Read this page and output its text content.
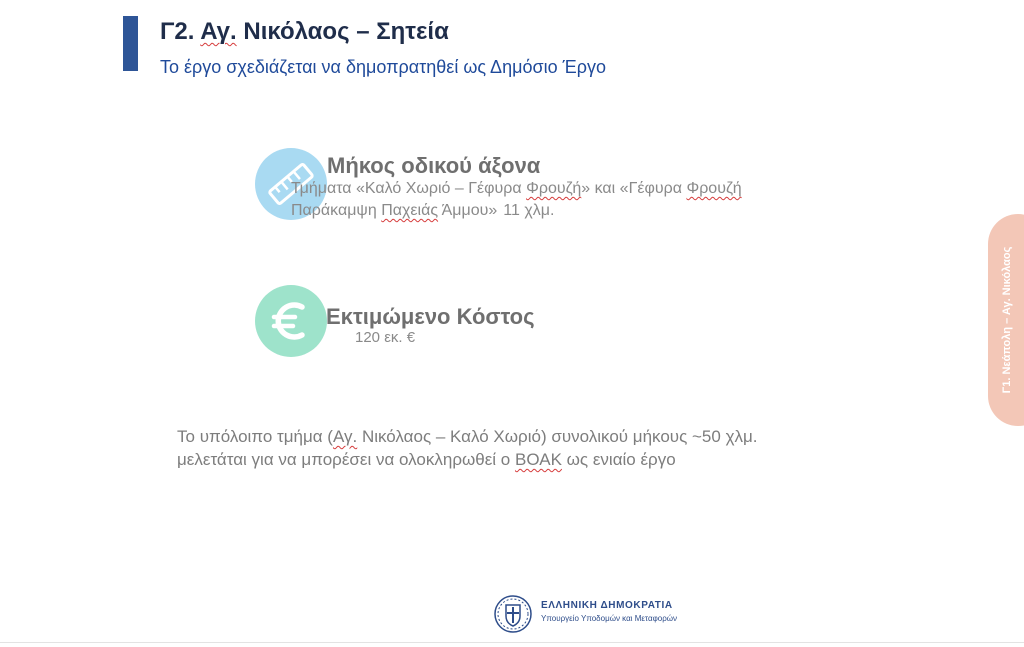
Γ2. Αγ. Νικόλαος – Σητεία
Το έργο σχεδιάζεται να δημοπρατηθεί ως Δημόσιο Έργο
Μήκος οδικού άξονα
Τμήματα «Καλό Χωριό – Γέφυρα Φρουζή» και «Γέφυρα Φρουζή
Παράκαμψη Παχειάς Άμμου» 11 χλμ.
Εκτιμώμενο Κόστος
120 εκ. €
Το υπόλοιπο τμήμα (Αγ. Νικόλαος – Καλό Χωριό) συνολικού μήκους ~50 χλμ.
μελετάται για να μπορέσει να ολοκληρωθεί ο ΒΟΑΚ ως ενιαίο έργο
Γ1. Νεάπολη – Αγ. Νικόλαος
ΕΛΛΗΝΙΚΗ ΔΗΜΟΚΡΑΤΙΑ
Υπουργείο Υποδομών και Μεταφορών
